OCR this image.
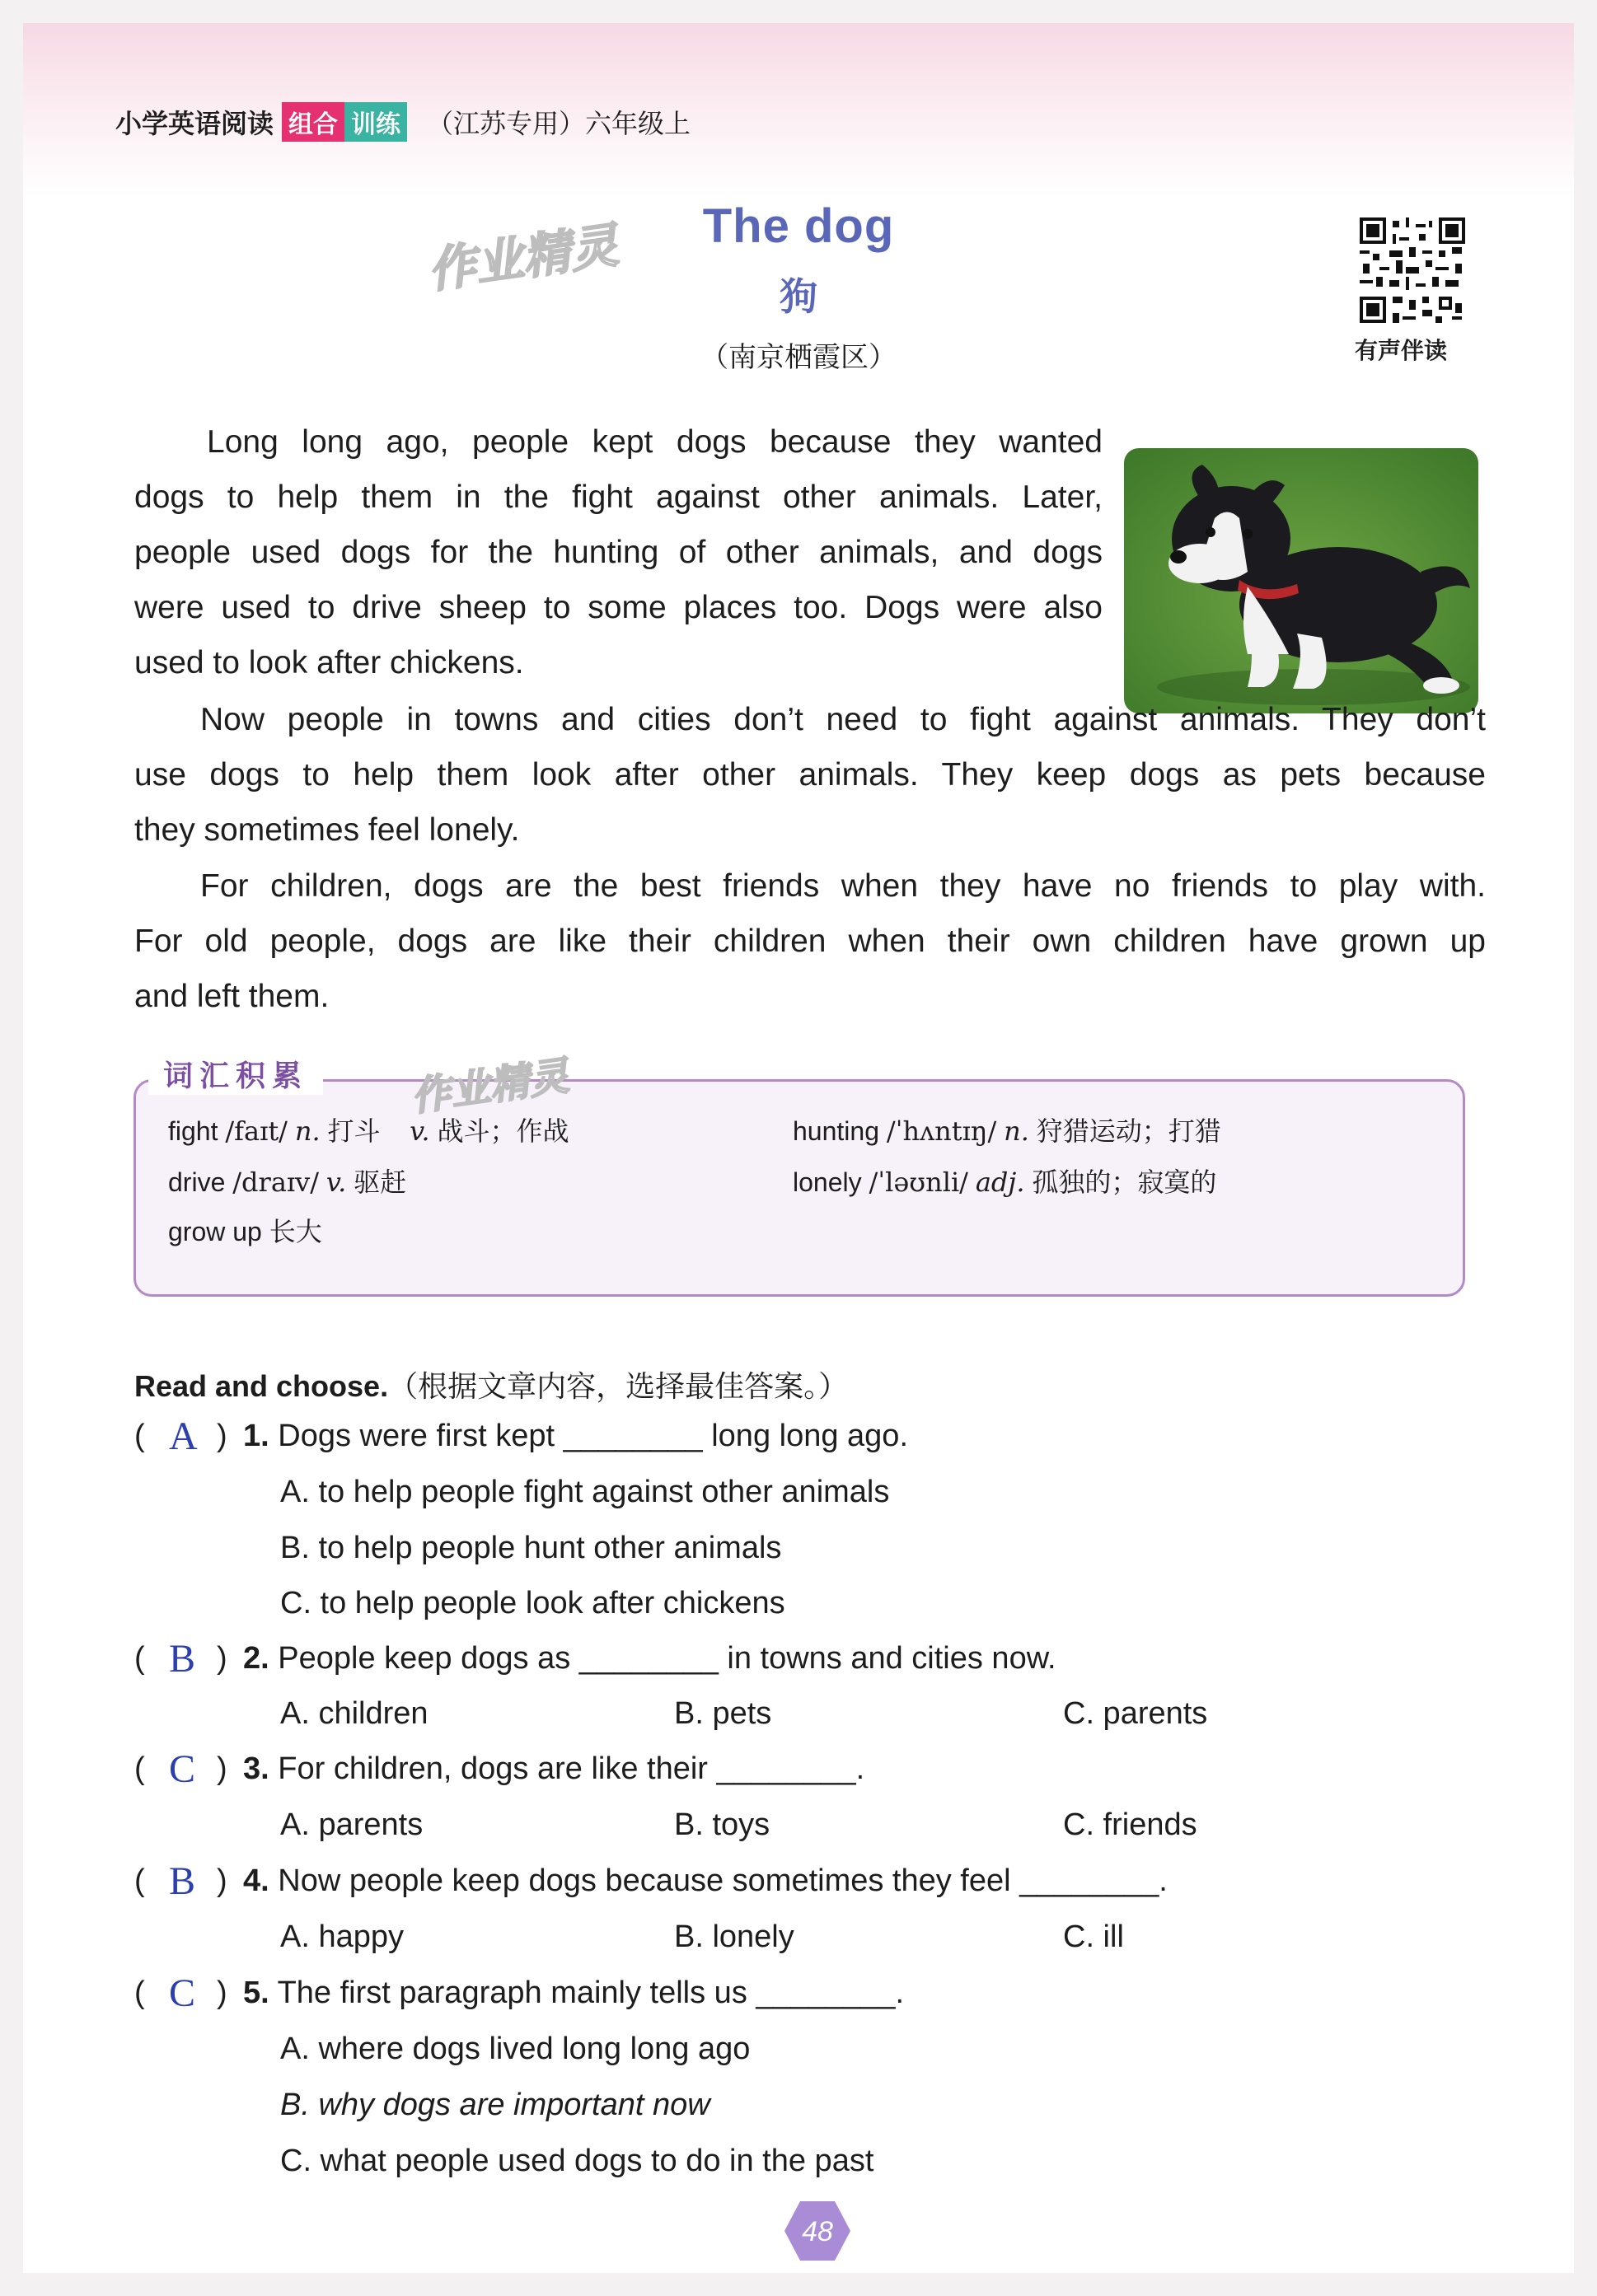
小学英语阅读 组合 训练 （江苏专用）六年级上
作业精灵	The dog
狗
（南京栖霞区）	有声伴读
Long long ago, people kept dogs because they wanted
dogs to help them in the fight against other animals. Later,
people used dogs for the hunting of other animals, and dogs
were used to drive sheep to some places too. Dogs were also
used to look after chickens.
Now people in towns and cities don’t need to fight against animals. They don’t
use dogs to help them look after other animals. They keep dogs as pets because
they sometimes feel lonely.
For children, dogs are the best friends when they have no friends to play with.
For old people, dogs are like their children when their own children have grown up
and left them.
词汇积累	作业精灵
fight /faɪt/ n. 打斗 v. 战斗；作战	hunting /ˈhʌntɪŋ/ n. 狩猎运动；打猎
drive /draɪv/ v. 驱赶	lonely /ˈləʊnli/ adj. 孤独的；寂寞的
grow up 长大
Read and choose.（根据文章内容，选择最佳答案。）
( A ) 1. Dogs were first kept ________ long long ago.
A. to help people fight against other animals
B. to help people hunt other animals
C. to help people look after chickens
( B ) 2. People keep dogs as ________ in towns and cities now.
A. children	B. pets	C. parents
( C ) 3. For children, dogs are like their ________.
A. parents	B. toys	C. friends
( B ) 4. Now people keep dogs because sometimes they feel ________.
A. happy	B. lonely	C. ill
( C ) 5. The first paragraph mainly tells us ________.
A. where dogs lived long long ago
B. why dogs are important now
C. what people used dogs to do in the past
48
